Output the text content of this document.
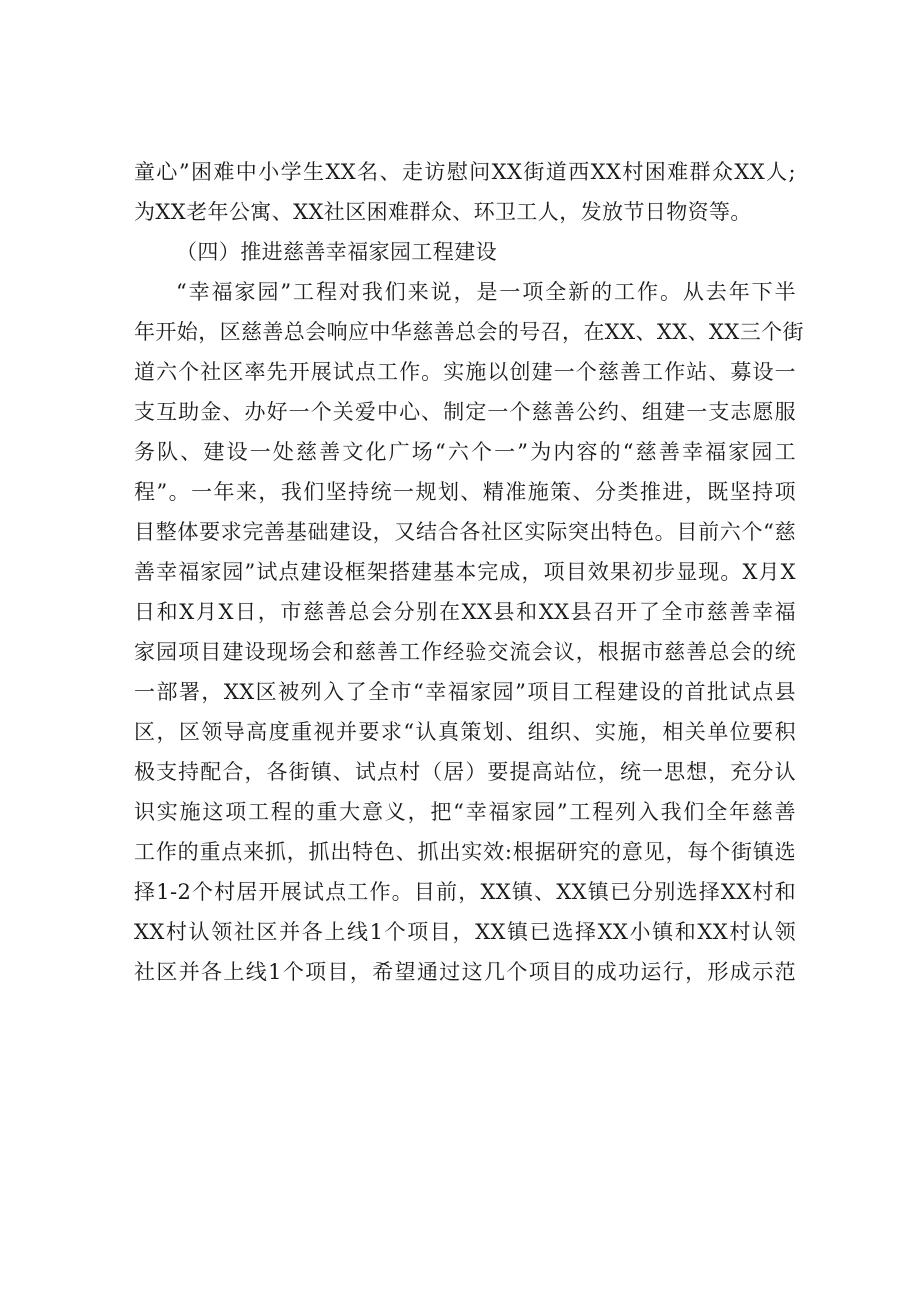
童心”困难中小学生XX名、走访慰问XX街道西XX村困难群众XX人;
为XX老年公寓、XX社区困难群众、环卫工人，发放节日物资等。
（四）推进慈善幸福家园工程建设
“幸福家园”工程对我们来说，是一项全新的工作。从去年下半
年开始，区慈善总会响应中华慈善总会的号召，在XX、XX、XX三个街
道六个社区率先开展试点工作。实施以创建一个慈善工作站、募设一
支互助金、办好一个关爱中心、制定一个慈善公约、组建一支志愿服
务队、建设一处慈善文化广场“六个一”为内容的“慈善幸福家园工
程”。一年来，我们坚持统一规划、精准施策、分类推进，既坚持项
目整体要求完善基础建设，又结合各社区实际突出特色。目前六个“慈
善幸福家园”试点建设框架搭建基本完成，项目效果初步显现。X月X
日和X月X日，市慈善总会分别在XX县和XX县召开了全市慈善幸福
家园项目建设现场会和慈善工作经验交流会议，根据市慈善总会的统
一部署，XX区被列入了全市“幸福家园”项目工程建设的首批试点县
区，区领导高度重视并要求“认真策划、组织、实施，相关单位要积
极支持配合，各街镇、试点村（居）要提高站位，统一思想，充分认
识实施这项工程的重大意义，把“幸福家园”工程列入我们全年慈善
工作的重点来抓，抓出特色、抓出实效:根据研究的意见，每个街镇选
择1-2个村居开展试点工作。目前，XX镇、XX镇已分别选择XX村和
XX村认领社区并各上线1个项目，XX镇已选择XX小镇和XX村认领
社区并各上线1个项目，希望通过这几个项目的成功运行，形成示范
